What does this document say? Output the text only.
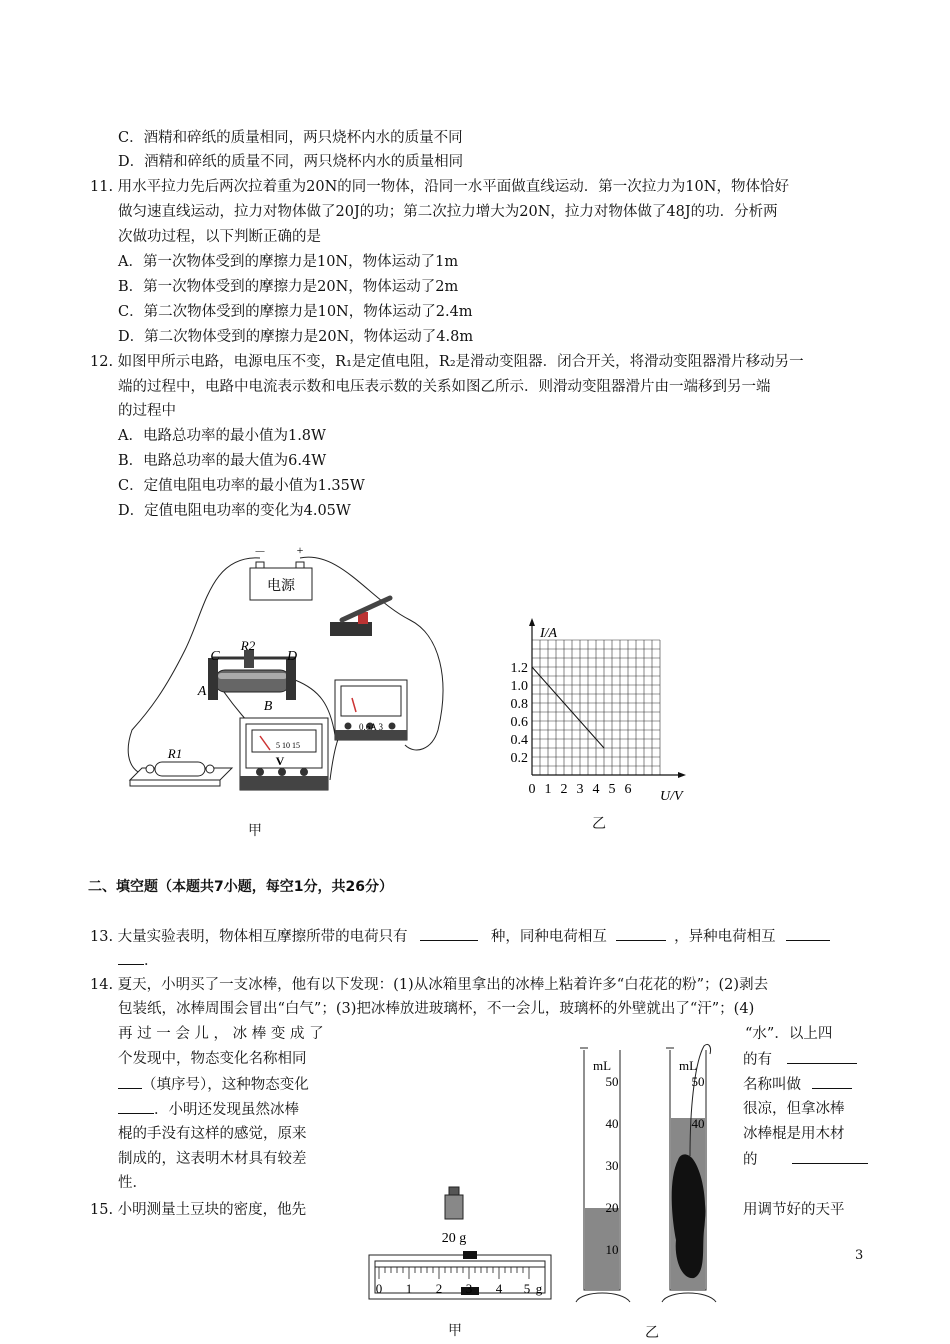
C．酒精和碎纸的质量相同，两只烧杯内水的质量不同
D．酒精和碎纸的质量不同，两只烧杯内水的质量相同
11. 用水平拉力先后两次拉着重为20N的同一物体，沿同一水平面做直线运动．第一次拉力为10N，物体恰好
做匀速直线运动，拉力对物体做了20J的功；第二次拉力增大为20N，拉力对物体做了48J的功．分析两
次做功过程，以下判断正确的是
A．第一次物体受到的摩擦力是10N，物体运动了1m
B．第一次物体受到的摩擦力是20N，物体运动了2m
C．第二次物体受到的摩擦力是10N，物体运动了2.4m
D．第二次物体受到的摩擦力是20N，物体运动了4.8m
12. 如图甲所示电路，电源电压不变，R₁是定值电阻，R₂是滑动变阻器．闭合开关，将滑动变阻器滑片移动另一
端的过程中，电路中电流表示数和电压表示数的关系如图乙所示．则滑动变阻器滑片由一端移到另一端
的过程中
A．电路总功率的最小值为1.8W
B．电路总功率的最大值为6.4W
C．定值电阻电功率的最小值为1.35W
D．定值电阻电功率的变化为4.05W
电源
－	+
C
R2
D
A
B
R1
5 10 15
V
0.6A 3
甲
0 1 2 3 4 5 6
0.2
0.4
0.6
0.8
1.0
1.2
I/A
U/V
乙
二、填空题（本题共7小题，每空1分，共26分）
13. 大量实验表明，物体相互摩擦所带的电荷只有	种，同种电荷相互	，异种电荷相互
．
14. 夏天，小明买了一支冰棒，他有以下发现：(1)从冰箱里拿出的冰棒上粘着许多“白花花的粉”；(2)剥去
包装纸，冰棒周围会冒出“白气”；(3)把冰棒放进玻璃杯，不一会儿，玻璃杯的外壁就出了“汗”；(4)
再 过 一 会 儿 ， 冰 棒 变 成 了
个发现中，物态变化名称相同
（填序号），这种物态变化
．小明还发现虽然冰棒
棍的手没有这样的感觉，原来
制成的，这表明木材具有较差
性．
“水”．以上四
的有
名称叫做
很凉，但拿冰棒
冰棒棍是用木材
的
15. 小明测量土豆块的密度，他先	用调节好的天平
20 g
0 1 2 3 4 5 g
甲
mL
50
40
30
20
10
mL
50
40
乙
3
